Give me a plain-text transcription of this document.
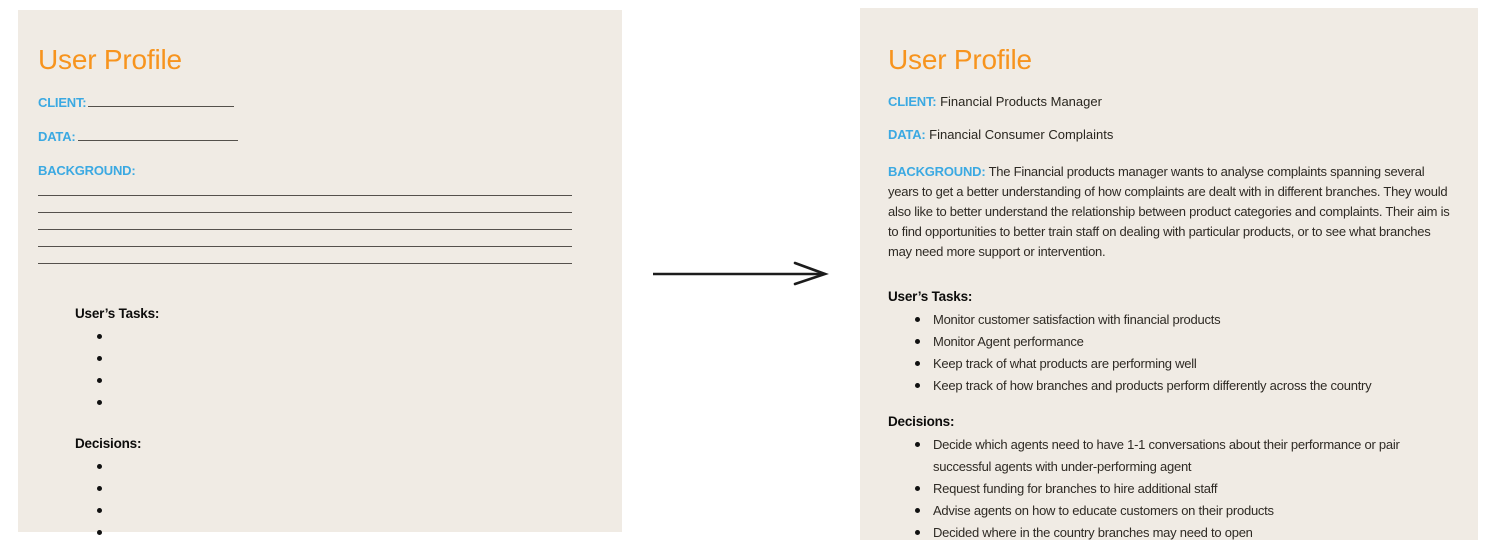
User Profile
CLIENT:
DATA:
BACKGROUND:
User’s Tasks:
Decisions:
User Profile
CLIENT: Financial Products Manager
DATA: Financial Consumer Complaints

BACKGROUND: The Financial products manager wants to analyse complaints spanning several years to get a better understanding of how complaints are dealt with in different branches. They would also like to better understand the relationship between product categories and complaints. Their aim is to find opportunities to better train staff on dealing with particular products, or to see what branches may need more support or intervention.

User’s Tasks:
Monitor customer satisfaction with financial products
Monitor Agent performance
Keep track of what products are performing well
Keep track of how branches and products perform differently across the country
Decisions:
Decide which agents need to have 1-1 conversations about their performance or pair successful agents with under-performing agent
Request funding for branches to hire additional staff
Advise agents on how to educate customers on their products
Decided where in the country branches may need to open
